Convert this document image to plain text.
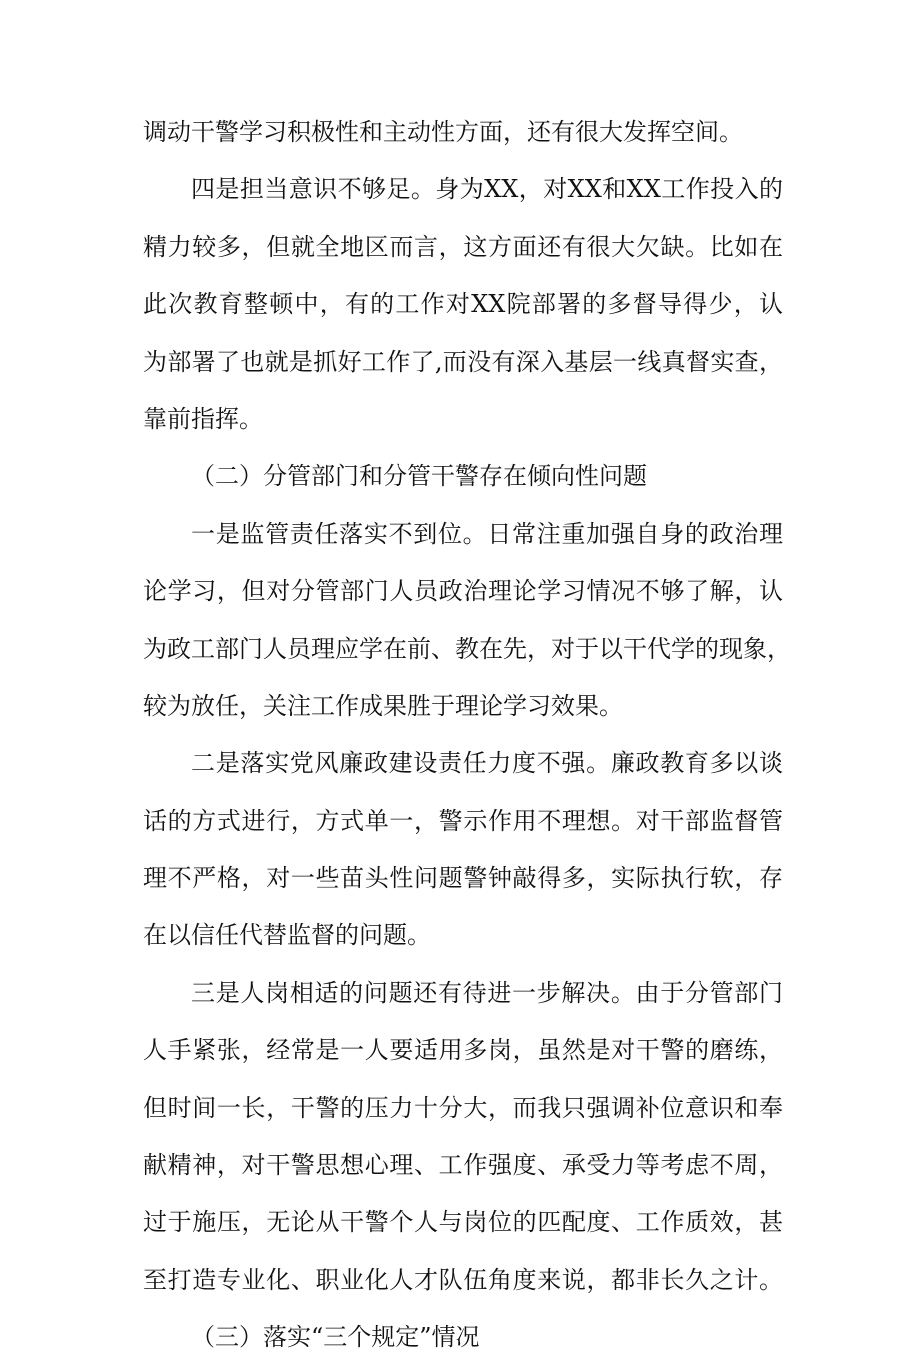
调动干警学习积极性和主动性方面，还有很大发挥空间。
四是担当意识不够足。身为XX，对XX和XX工作投入的
精力较多，但就全地区而言，这方面还有很大欠缺。比如在
此次教育整顿中，有的工作对XX院部署的多督导得少，认
为部署了也就是抓好工作了,而没有深入基层一线真督实查，
靠前指挥。
（二）分管部门和分管干警存在倾向性问题
一是监管责任落实不到位。日常注重加强自身的政治理
论学习，但对分管部门人员政治理论学习情况不够了解，认
为政工部门人员理应学在前、教在先，对于以干代学的现象，
较为放任，关注工作成果胜于理论学习效果。
二是落实党风廉政建设责任力度不强。廉政教育多以谈
话的方式进行，方式单一，警示作用不理想。对干部监督管
理不严格，对一些苗头性问题警钟敲得多，实际执行软，存
在以信任代替监督的问题。
三是人岗相适的问题还有待进一步解决。由于分管部门
人手紧张，经常是一人要适用多岗，虽然是对干警的磨练，
但时间一长，干警的压力十分大，而我只强调补位意识和奉
献精神，对干警思想心理、工作强度、承受力等考虑不周，
过于施压，无论从干警个人与岗位的匹配度、工作质效，甚
至打造专业化、职业化人才队伍角度来说，都非长久之计。
（三）落实“三个规定”情况
